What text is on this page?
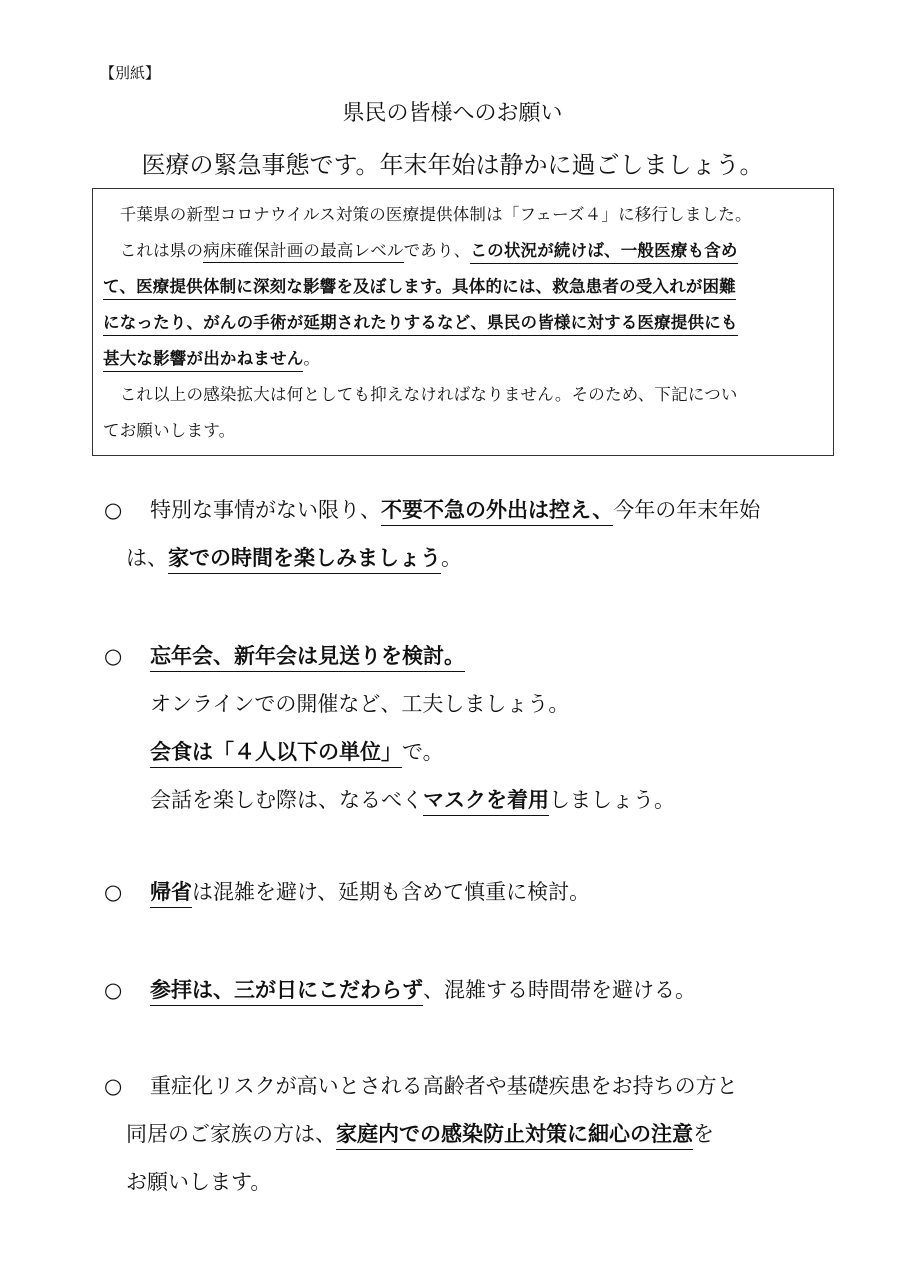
【別紙】
県民の皆様へのお願い
医療の緊急事態です。年末年始は静かに過ごしましょう。

　千葉県の新型コロナウイルス対策の医療提供体制は「フェーズ４」に移行しました。

　これは県の病床確保計画の最高レベルであり、この状況が続けば、一般医療も含め

て、医療提供体制に深刻な影響を及ぼします。具体的には、救急患者の受入れが困難

になったり、がんの手術が延期されたりするなど、県民の皆様に対する医療提供にも

甚大な影響が出かねません。

　これ以上の感染拡大は何としても抑えなければなりません。そのため、下記につい

てお願いします。

○ 特別な事情がない限り、不要不急の外出は控え、今年の年末年始

は、家での時間を楽しみましょう。

○ 忘年会、新年会は見送りを検討。

オンラインでの開催など、工夫しましょう。

会食は「４人以下の単位」で。

会話を楽しむ際は、なるべくマスクを着用しましょう。

○ 帰省は混雑を避け、延期も含めて慎重に検討。

○ 参拝は、三が日にこだわらず、混雑する時間帯を避ける。

○ 重症化リスクが高いとされる高齢者や基礎疾患をお持ちの方と

同居のご家族の方は、家庭内での感染防止対策に細心の注意を

お願いします。
